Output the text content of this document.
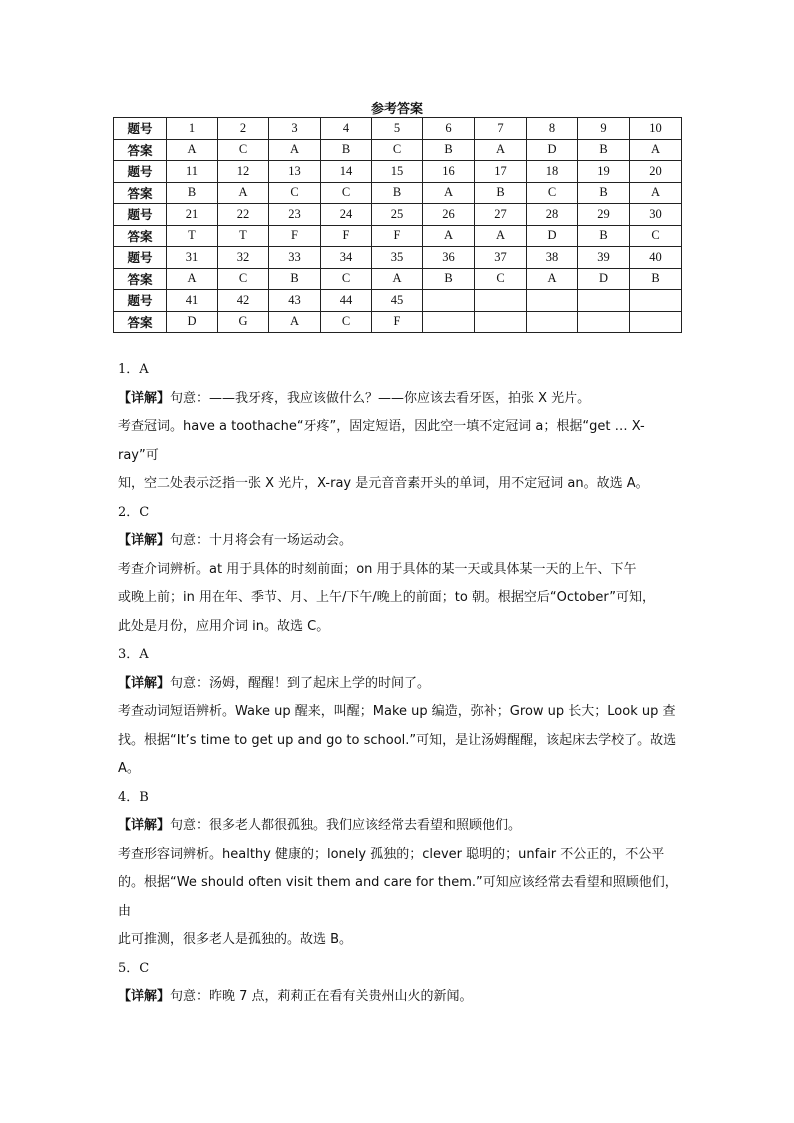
参考答案
题号	1	2	3	4	5	6	7	8	9	10
答案	A	C	A	B	C	B	A	D	B	A
题号	11	12	13	14	15	16	17	18	19	20
答案	B	A	C	C	B	A	B	C	B	A
题号	21	22	23	24	25	26	27	28	29	30
答案	T	T	F	F	F	A	A	D	B	C
题号	31	32	33	34	35	36	37	38	39	40
答案	A	C	B	C	A	B	C	A	D	B
题号	41	42	43	44	45					
答案	D	G	A	C	F					
1．A
【详解】句意：——我牙疼，我应该做什么？——你应该去看牙医，拍张 X 光片。
考查冠词。have a toothache“牙疼”，固定短语，因此空一填不定冠词 a；根据“get … X-ray”可
知，空二处表示泛指一张 X 光片，X-ray 是元音音素开头的单词，用不定冠词 an。故选 A。
2．C
【详解】句意：十月将会有一场运动会。
考查介词辨析。at 用于具体的时刻前面；on 用于具体的某一天或具体某一天的上午、下午
或晚上前；in 用在年、季节、月、上午/下午/晚上的前面；to 朝。根据空后“October”可知，
此处是月份，应用介词 in。故选 C。
3．A
【详解】句意：汤姆，醒醒！到了起床上学的时间了。
考查动词短语辨析。Wake up 醒来，叫醒；Make up 编造，弥补；Grow up 长大；Look up 查
找。根据“It’s time to get up and go to school.”可知，是让汤姆醒醒，该起床去学校了。故选
A。
4．B
【详解】句意：很多老人都很孤独。我们应该经常去看望和照顾他们。
考查形容词辨析。healthy 健康的；lonely 孤独的；clever 聪明的；unfair 不公正的，不公平
的。根据“We should often visit them and care for them.”可知应该经常去看望和照顾他们，由
此可推测，很多老人是孤独的。故选 B。
5．C
【详解】句意：昨晚 7 点，莉莉正在看有关贵州山火的新闻。
